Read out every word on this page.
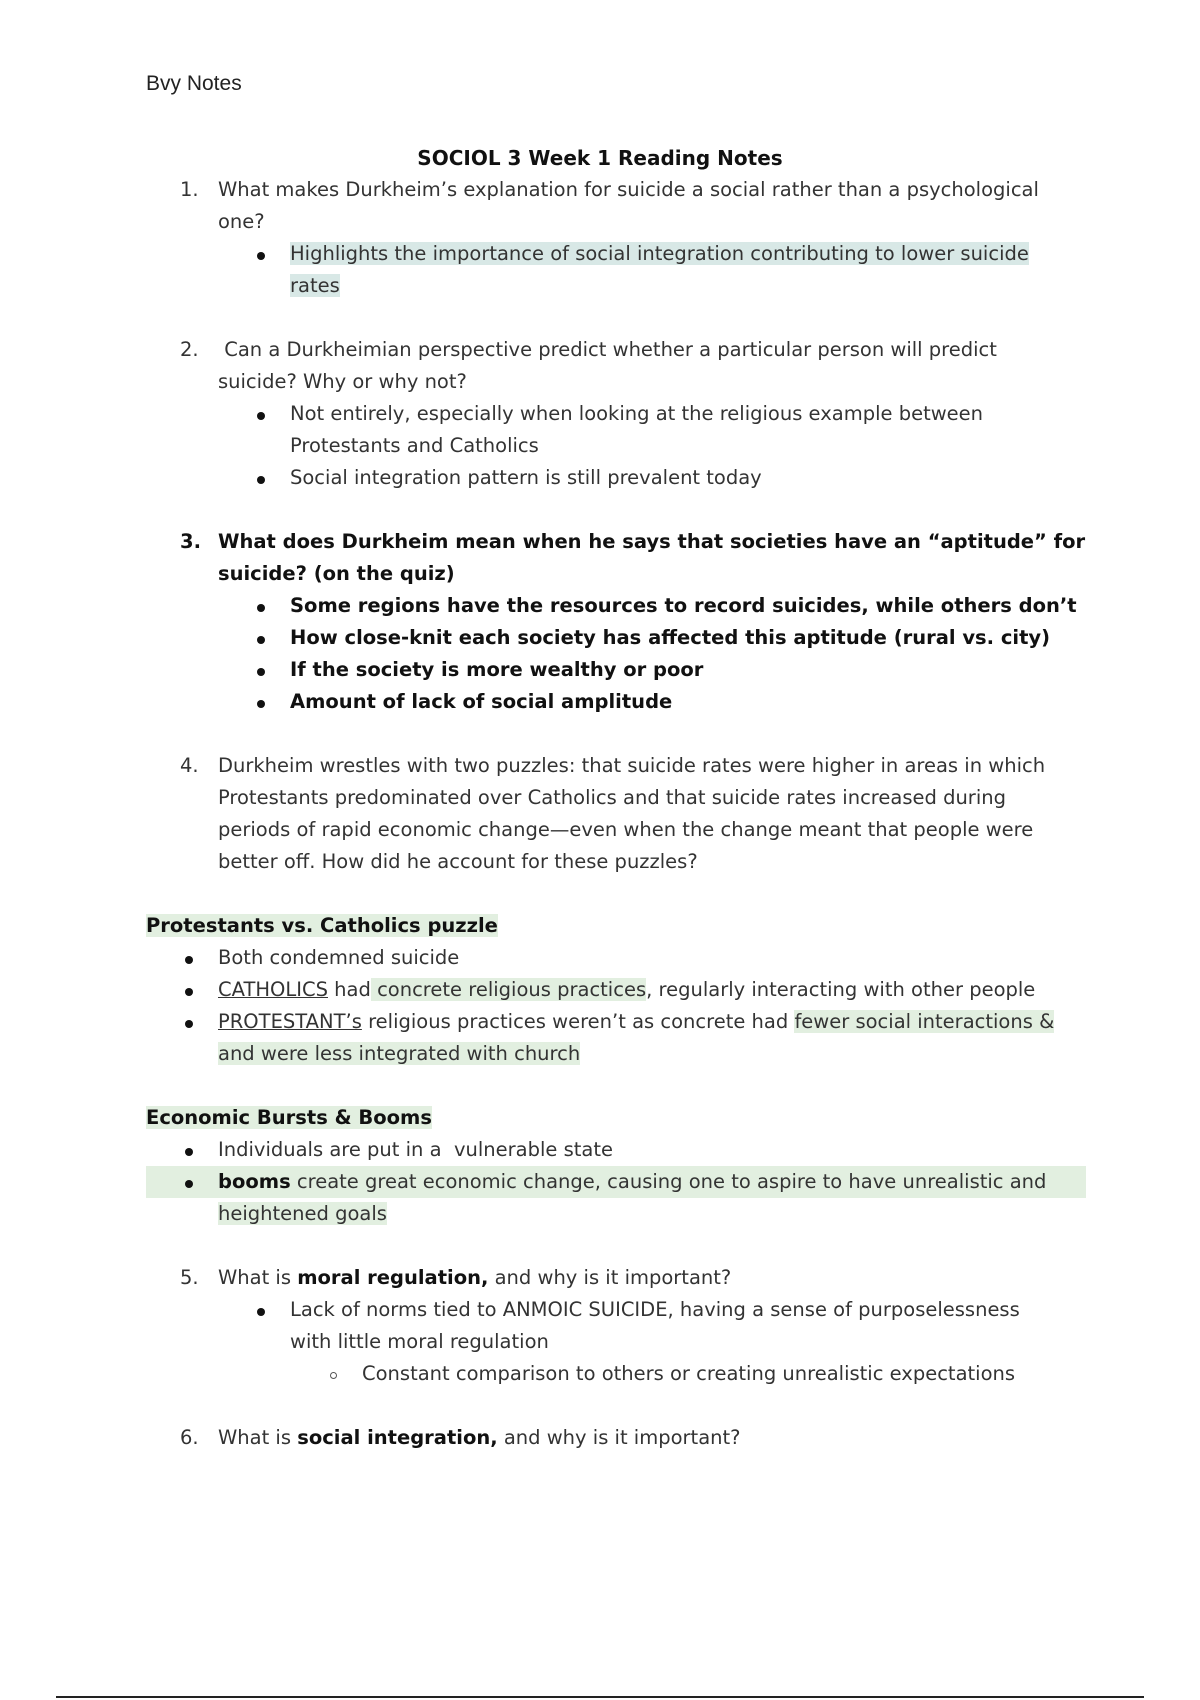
Bvy Notes
SOCIOL 3 Week 1 Reading Notes
1. What makes Durkheim’s explanation for suicide a social rather than a psychological
one?
Highlights the importance of social integration contributing to lower suicide
rates
2. Can a Durkheimian perspective predict whether a particular person will predict
suicide? Why or why not?
Not entirely, especially when looking at the religious example between
Protestants and Catholics
Social integration pattern is still prevalent today
3. What does Durkheim mean when he says that societies have an “aptitude” for
suicide? (on the quiz)
Some regions have the resources to record suicides, while others don’t
How close-knit each society has affected this aptitude (rural vs. city)
If the society is more wealthy or poor
Amount of lack of social amplitude
4. Durkheim wrestles with two puzzles: that suicide rates were higher in areas in which
Protestants predominated over Catholics and that suicide rates increased during
periods of rapid economic change—even when the change meant that people were
better off. How did he account for these puzzles?
Protestants vs. Catholics puzzle
Both condemned suicide
CATHOLICS had concrete religious practices, regularly interacting with other people
PROTESTANT’s religious practices weren’t as concrete had fewer social interactions &
and were less integrated with church
Economic Bursts & Booms
Individuals are put in a  vulnerable state
booms create great economic change, causing one to aspire to have unrealistic and
heightened goals
5. What is moral regulation, and why is it important?
Lack of norms tied to ANMOIC SUICIDE, having a sense of purposelessness
with little moral regulation
Constant comparison to others or creating unrealistic expectations
6. What is social integration, and why is it important?
